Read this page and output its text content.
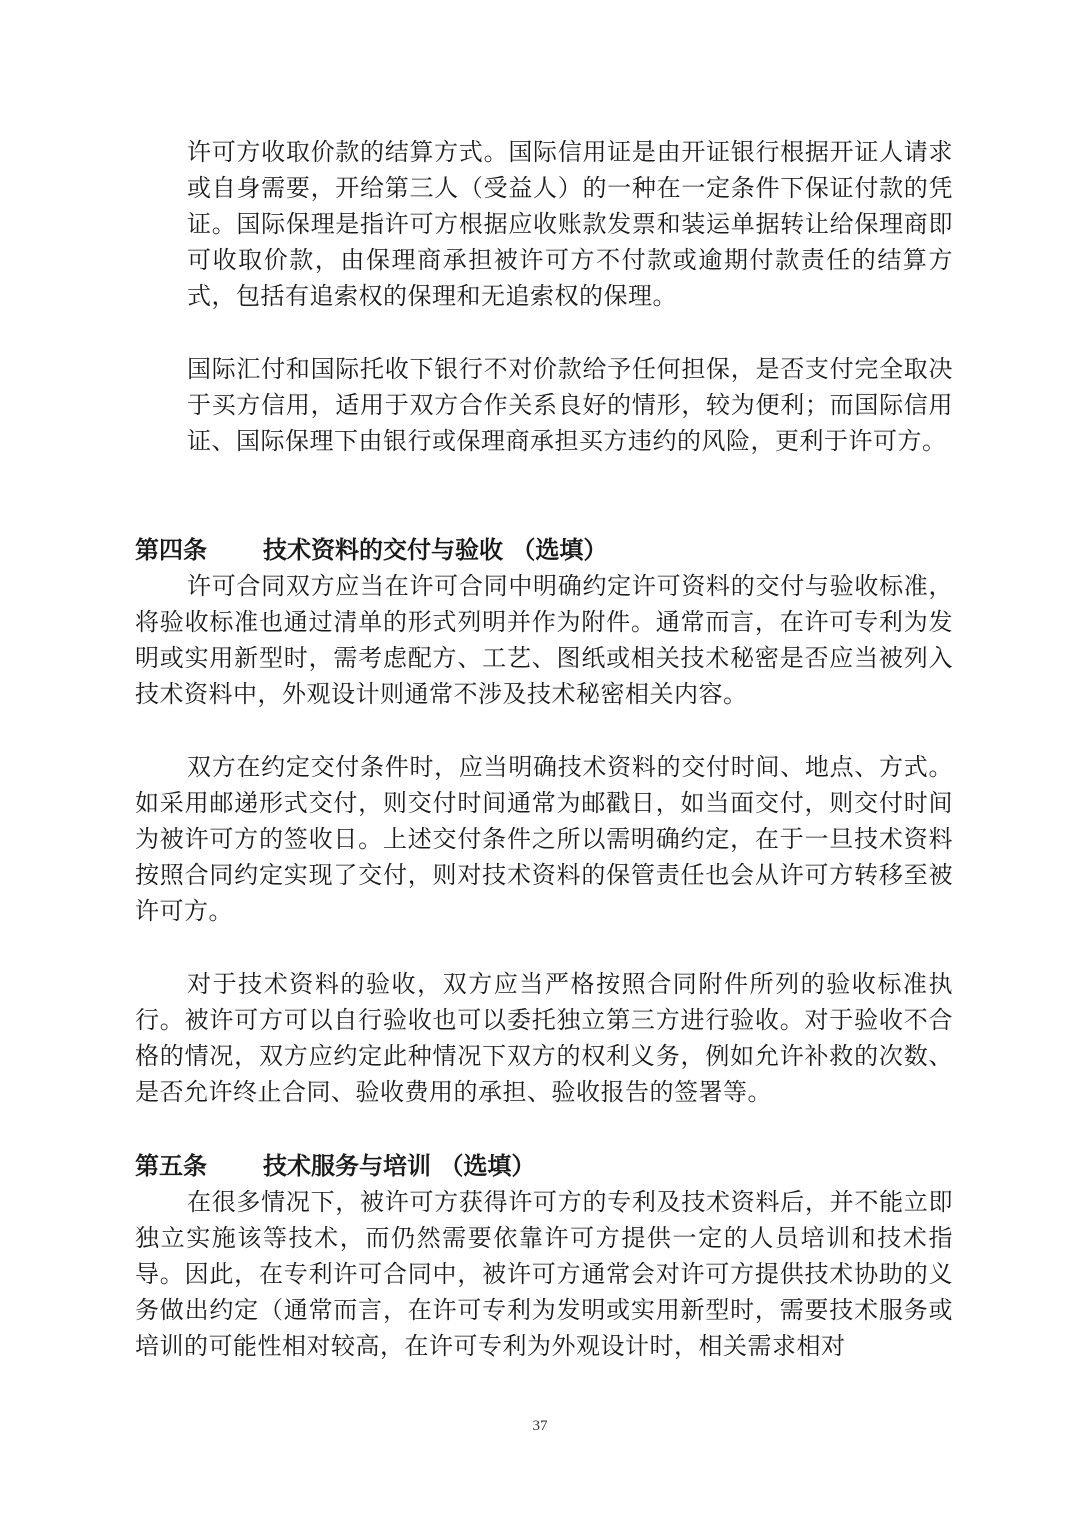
许可方收取价款的结算方式。国际信用证是由开证银行根据开证人请求或自身需要，开给第三人（受益人）的一种在一定条件下保证付款的凭证。国际保理是指许可方根据应收账款发票和装运单据转让给保理商即可收取价款，由保理商承担被许可方不付款或逾期付款责任的结算方式，包括有追索权的保理和无追索权的保理。

国际汇付和国际托收下银行不对价款给予任何担保，是否支付完全取决于买方信用，适用于双方合作关系良好的情形，较为便利；而国际信用证、国际保理下由银行或保理商承担买方违约的风险，更利于许可方。

第四条 技术资料的交付与验收 （选填）

许可合同双方应当在许可合同中明确约定许可资料的交付与验收标准，将验收标准也通过清单的形式列明并作为附件。通常而言，在许可专利为发明或实用新型时，需考虑配方、工艺、图纸或相关技术秘密是否应当被列入技术资料中，外观设计则通常不涉及技术秘密相关内容。

双方在约定交付条件时，应当明确技术资料的交付时间、地点、方式。如采用邮递形式交付，则交付时间通常为邮戳日，如当面交付，则交付时间为被许可方的签收日。上述交付条件之所以需明确约定，在于一旦技术资料按照合同约定实现了交付，则对技术资料的保管责任也会从许可方转移至被许可方。

对于技术资料的验收，双方应当严格按照合同附件所列的验收标准执行。被许可方可以自行验收也可以委托独立第三方进行验收。对于验收不合格的情况，双方应约定此种情况下双方的权利义务，例如允许补救的次数、是否允许终止合同、验收费用的承担、验收报告的签署等。

第五条 技术服务与培训 （选填）

在很多情况下，被许可方获得许可方的专利及技术资料后，并不能立即独立实施该等技术，而仍然需要依靠许可方提供一定的人员培训和技术指导。因此，在专利许可合同中，被许可方通常会对许可方提供技术协助的义务做出约定（通常而言，在许可专利为发明或实用新型时，需要技术服务或培训的可能性相对较高，在许可专利为外观设计时，相关需求相对

37
